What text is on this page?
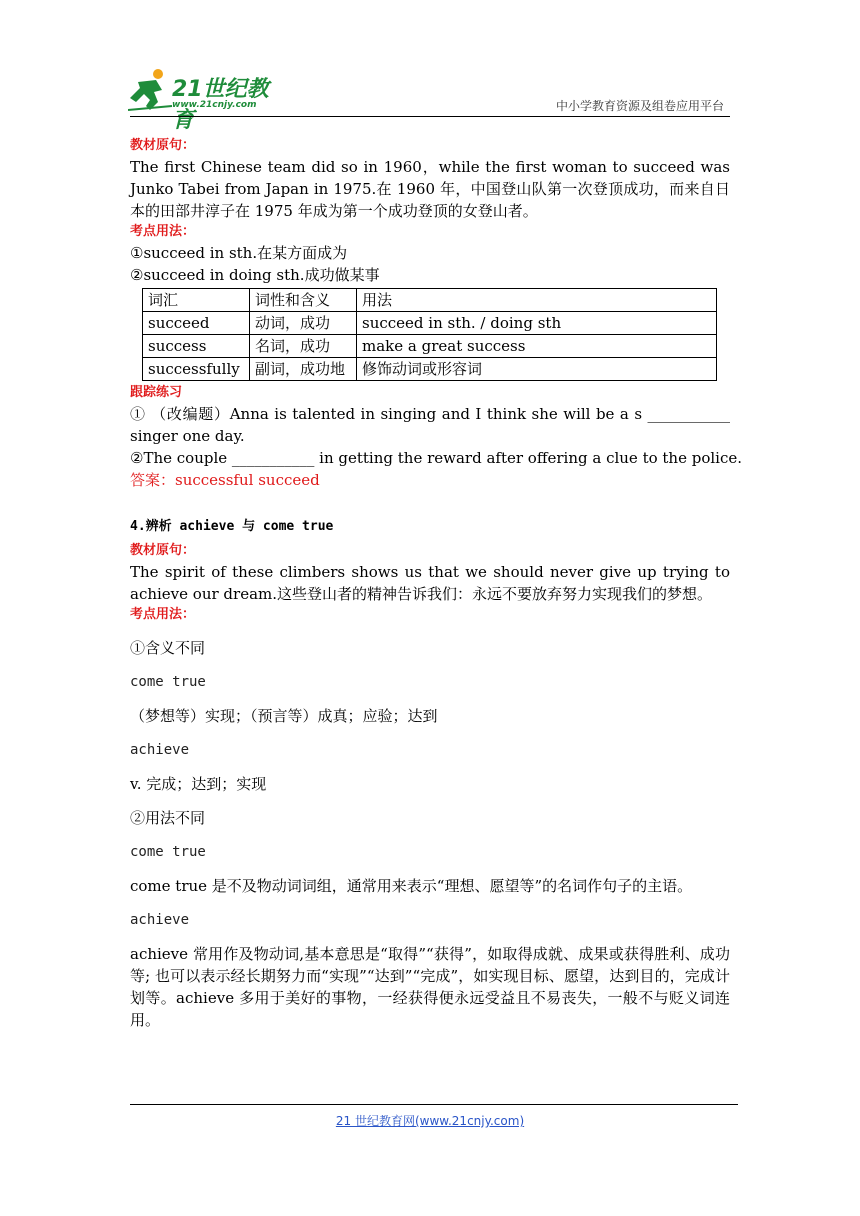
21世纪教育
www.21cnjy.com	中小学教育资源及组卷应用平台
教材原句：
The first Chinese team did so in 1960，while the first woman to succeed was Junko Tabei from Japan in 1975.在 1960 年，中国登山队第一次登顶成功，而来自日本的田部井淳子在 1975 年成为第一个成功登顶的女登山者。
考点用法：
①succeed in sth.在某方面成为
②succeed in doing sth.成功做某事
词汇	词性和含义	用法
succeed	动词，成功	succeed in sth. / doing sth
success	名词，成功	make a great success
successfully	副词，成功地	修饰动词或形容词
跟踪练习
① （改编题）Anna is talented in singing and I think she will be a s ___________ singer one day.
②The couple ___________ in getting the reward after offering a clue to the police.
答案：successful succeed
4.辨析 achieve 与 come true
教材原句：
The spirit of these climbers shows us that we should never give up trying to achieve our dream.这些登山者的精神告诉我们：永远不要放弃努力实现我们的梦想。
考点用法：
①含义不同
come true
（梦想等）实现；（预言等）成真；应验；达到
achieve
v. 完成；达到；实现
②用法不同
come true
come true 是不及物动词词组，通常用来表示“理想、愿望等”的名词作句子的主语。
achieve
achieve 常用作及物动词,基本意思是“取得”“获得”，如取得成就、成果或获得胜利、成功等; 也可以表示经长期努力而“实现”“达到”“完成”，如实现目标、愿望，达到目的，完成计划等。achieve 多用于美好的事物，一经获得便永远受益且不易丧失，一般不与贬义词连用。
21 世纪教育网(www.21cnjy.com)
